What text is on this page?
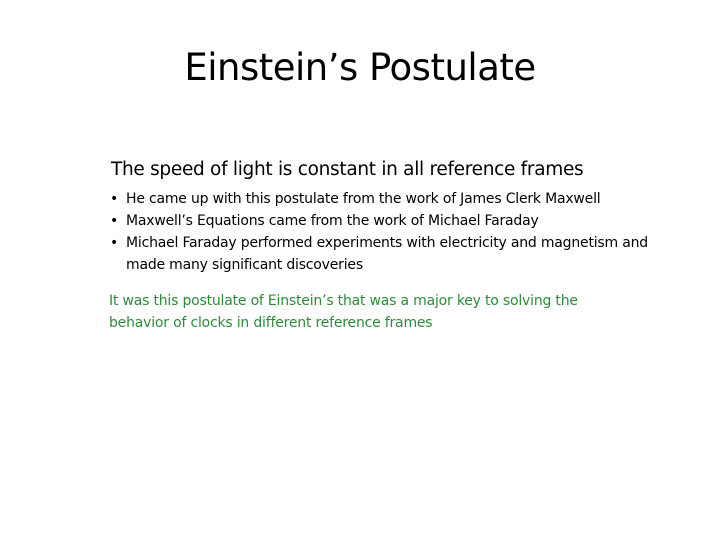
Einstein’s Postulate
The speed of light is constant in all reference frames
• He came up with this postulate from the work of James Clerk Maxwell
• Maxwell’s Equations came from the work of Michael Faraday
• Michael Faraday performed experiments with electricity and magnetism and made many significant discoveries

It was this postulate of Einstein’s that was a major key to solving the behavior of clocks in different reference frames
